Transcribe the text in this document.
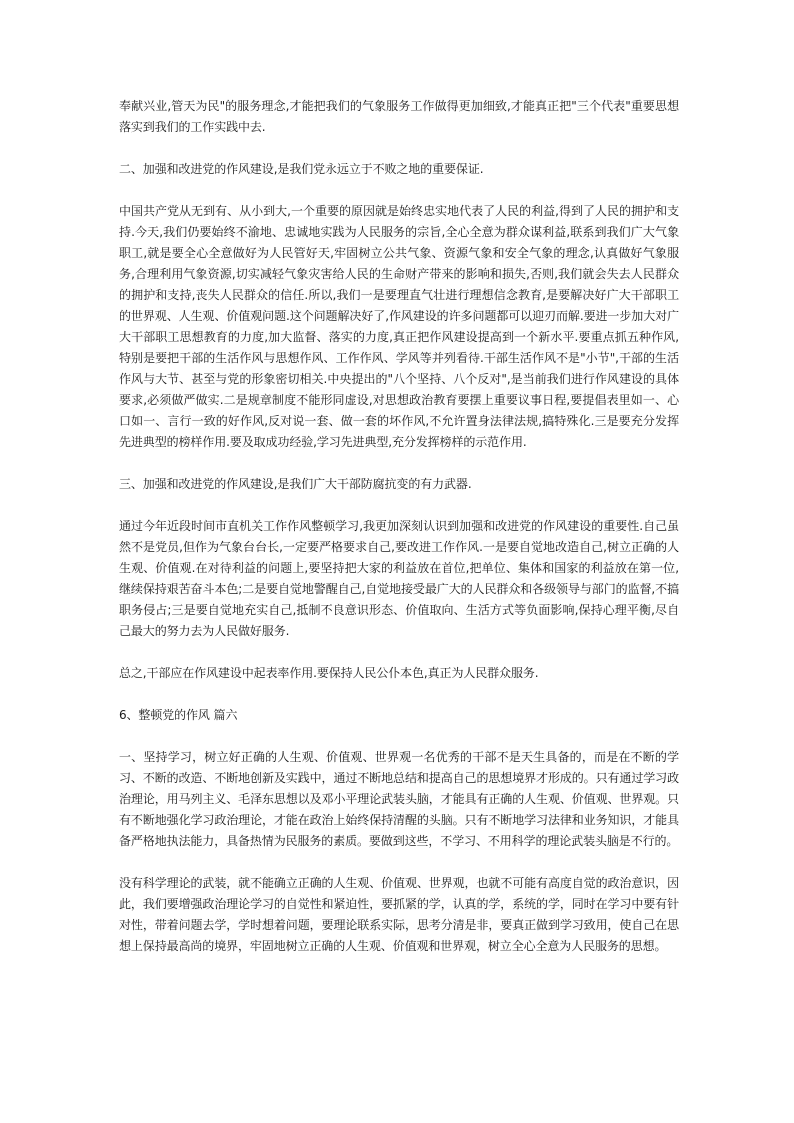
奉献兴业,管天为民"的服务理念,才能把我们的气象服务工作做得更加细致,才能真正把"三个代表"重要思想落实到我们的工作实践中去.

二、加强和改进党的作风建设,是我们党永远立于不败之地的重要保证.

中国共产党从无到有、从小到大,一个重要的原因就是始终忠实地代表了人民的利益,得到了人民的拥护和支持.今天,我们仍要始终不渝地、忠诚地实践为人民服务的宗旨,全心全意为群众谋利益,联系到我们广大气象职工,就是要全心全意做好为人民管好天,牢固树立公共气象、资源气象和安全气象的理念,认真做好气象服务,合理利用气象资源,切实减轻气象灾害给人民的生命财产带来的影响和损失,否则,我们就会失去人民群众的拥护和支持,丧失人民群众的信任.所以,我们一是要理直气壮进行理想信念教育,是要解决好广大干部职工的世界观、人生观、价值观问题.这个问题解决好了,作风建设的许多问题都可以迎刃而解.要进一步加大对广大干部职工思想教育的力度,加大监督、落实的力度,真正把作风建设提高到一个新水平.要重点抓五种作风,特别是要把干部的生活作风与思想作风、工作作风、学风等并列看待.干部生活作风不是"小节",干部的生活作风与大节、甚至与党的形象密切相关.中央提出的"八个坚持、八个反对",是当前我们进行作风建设的具体要求,必须做严做实.二是规章制度不能形同虚设,对思想政治教育要摆上重要议事日程,要提倡表里如一、心口如一、言行一致的好作风,反对说一套、做一套的坏作风,不允许置身法律法规,搞特殊化.三是要充分发挥先进典型的榜样作用.要及取成功经验,学习先进典型,充分发挥榜样的示范作用.

三、加强和改进党的作风建设,是我们广大干部防腐抗变的有力武器.

通过今年近段时间市直机关工作作风整顿学习,我更加深刻认识到加强和改进党的作风建设的重要性.自己虽然不是党员,但作为气象台台长,一定要严格要求自己,要改进工作作风.一是要自觉地改造自己,树立正确的人生观、价值观.在对待利益的问题上,要坚持把大家的利益放在首位,把单位、集体和国家的利益放在第一位,继续保持艰苦奋斗本色;二是要自觉地警醒自己,自觉地接受最广大的人民群众和各级领导与部门的监督,不搞职务侵占;三是要自觉地充实自己,抵制不良意识形态、价值取向、生活方式等负面影响,保持心理平衡,尽自己最大的努力去为人民做好服务.

总之,干部应在作风建设中起表率作用.要保持人民公仆本色,真正为人民群众服务.

6、整顿党的作风 篇六

一、坚持学习，树立好正确的人生观、价值观、世界观一名优秀的干部不是天生具备的，而是在不断的学习、不断的改造、不断地创新及实践中，通过不断地总结和提高自己的思想境界才形成的。只有通过学习政治理论，用马列主义、毛泽东思想以及邓小平理论武装头脑，才能具有正确的人生观、价值观、世界观。只有不断地强化学习政治理论，才能在政治上始终保持清醒的头脑。只有不断地学习法律和业务知识，才能具备严格地执法能力，具备热情为民服务的素质。要做到这些，不学习、不用科学的理论武装头脑是不行的。

没有科学理论的武装，就不能确立正确的人生观、价值观、世界观，也就不可能有高度自觉的政治意识，因此，我们要增强政治理论学习的自觉性和紧迫性，要抓紧的学，认真的学，系统的学，同时在学习中要有针对性，带着问题去学，学时想着问题，要理论联系实际，思考分清是非，要真正做到学习致用，使自己在思想上保持最高尚的境界，牢固地树立正确的人生观、价值观和世界观，树立全心全意为人民服务的思想。
